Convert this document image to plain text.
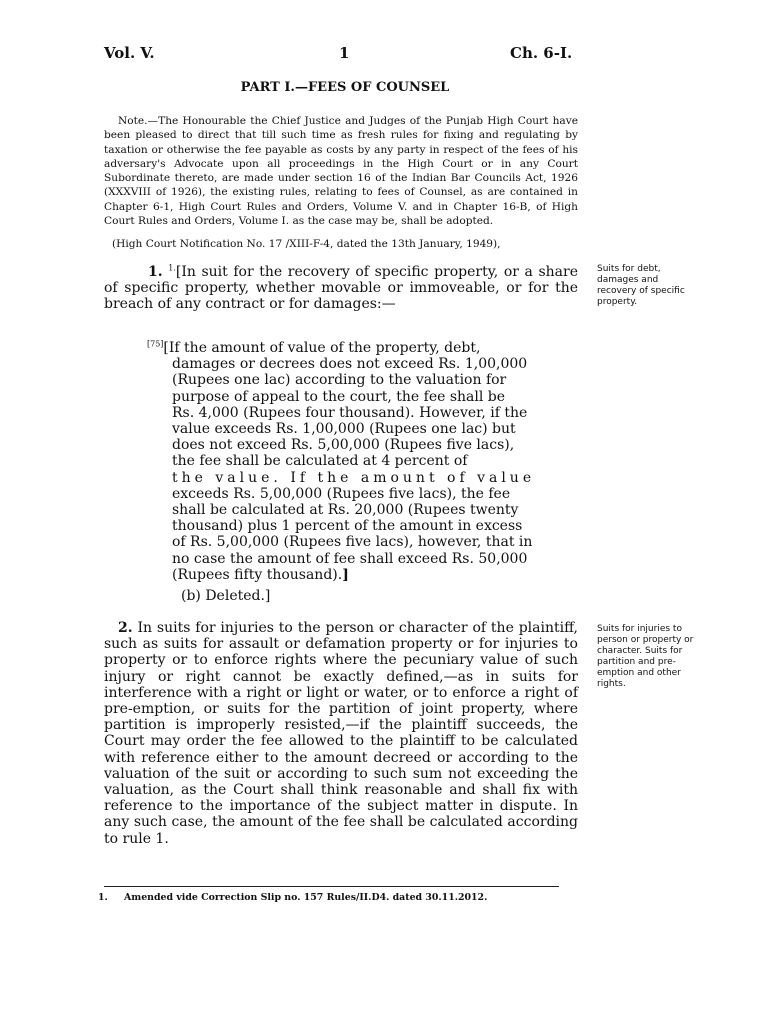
Vol. V.	1	Ch. 6-I.
PART I.—FEES OF COUNSEL

Note.—The Honourable the Chief Justice and Judges of the Punjab High Court have been pleased to direct that till such time as fresh rules for fixing and regulating by taxation or otherwise the fee payable as costs by any party in respect of the fees of his adversary's Advocate upon all proceedings in the High Court or in any Court Subordinate thereto, are made under section 16 of the Indian Bar Councils Act, 1926 (XXXVIII of 1926), the existing rules, relating to fees of Counsel, as are contained in Chapter 6-1, High Court Rules and Orders, Volume V. and in Chapter 16-B, of High Court Rules and Orders, Volume I. as the case may be, shall be adopted.

(High Court Notification No. 17 /XIII-F-4, dated the 13th January, 1949),
1. $^{1.}$[In suit for the recovery of specific property, or a share of specific property, whether movable or immoveable, or for the breach of any contract or for damages:—
[75][If the amount of value of the property, debt,
damages or decrees does not exceed Rs. 1,00,000
(Rupees one lac) according to the valuation for
purpose of appeal to the court, the fee shall be
Rs. 4,000 (Rupees four thousand). However, if the
value exceeds Rs. 1,00,000 (Rupees one lac) but
does not exceed Rs. 5,00,000 (Rupees five lacs),
the fee shall be calculated at 4 percent of
the value. If the amount of value
exceeds Rs. 5,00,000 (Rupees five lacs), the fee
shall be calculated at Rs. 20,000 (Rupees twenty
thousand) plus 1 percent of the amount in excess
of Rs. 5,00,000 (Rupees five lacs), however, that in
no case the amount of fee shall exceed Rs. 50,000
(Rupees fifty thousand).]
(b) Deleted.]
2. In suits for injuries to the person or character of the plaintiff, such as suits for assault or defamation property or for injuries to property or to enforce rights where the pecuniary value of such injury or right cannot be exactly defined,—as in suits for interference with a right or light or water, or to enforce a right of pre-emption, or suits for the partition of joint property, where partition is improperly resisted,—if the plaintiff succeeds, the Court may order the fee allowed to the plaintiff to be calculated with reference either to the amount decreed or according to the valuation of the suit or according to such sum not exceeding the valuation, as the Court shall think reasonable and shall fix with reference to the importance of the subject matter in dispute. In any such case, the amount of the fee shall be calculated according to rule 1.
Suits for debt, damages and recovery of specific property.
Suits for injuries to person or property or character. Suits for partition and pre-emption and other rights.
1. Amended vide Correction Slip no. 157 Rules/II.D4. dated 30.11.2012.
